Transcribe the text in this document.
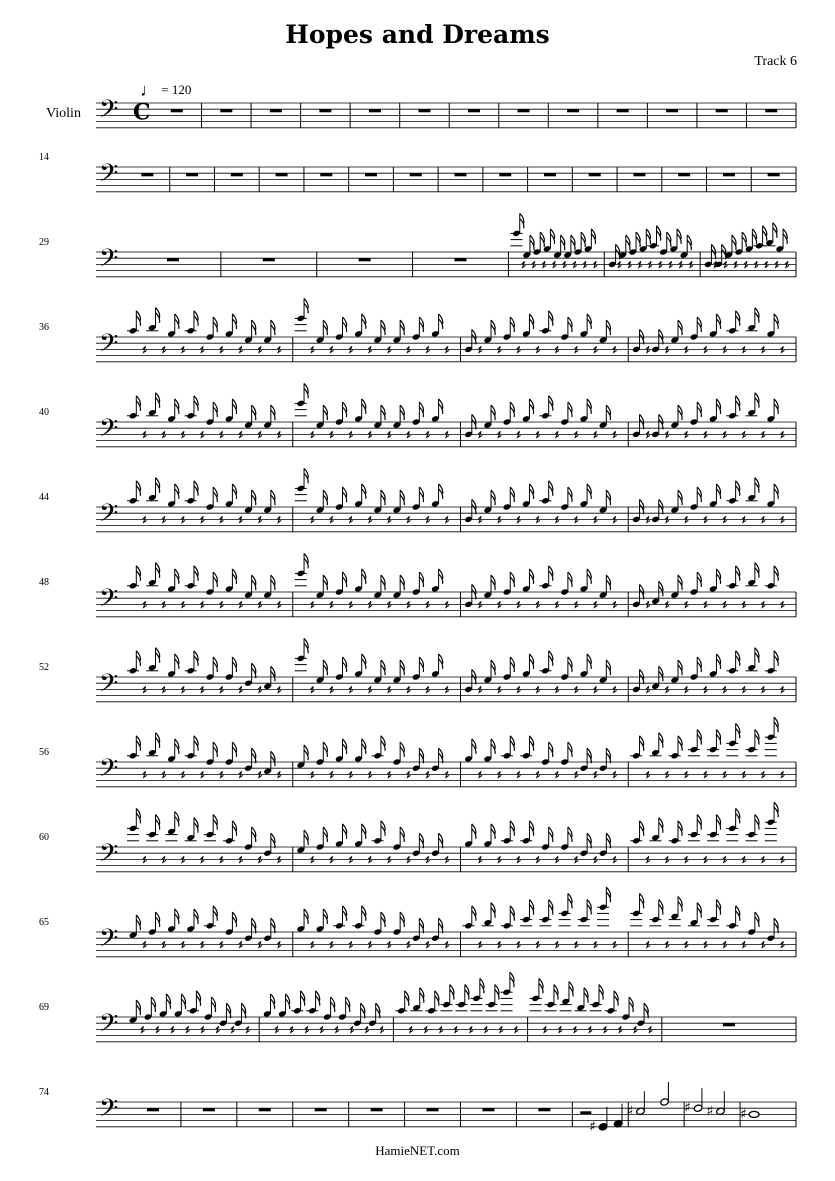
Hopes and Dreams
Track 6
Violin
♩ = 120
𝄢 C
𝄢
𝄢
𝄢
𝄢
𝄢
𝄢
𝄢
𝄢
𝄢
𝄢
𝄢
𝄢	♯
♯	♯ ♯ ♯
14
29
36
40
44
48
52
56
60
65
69
74
HamieNET.com
